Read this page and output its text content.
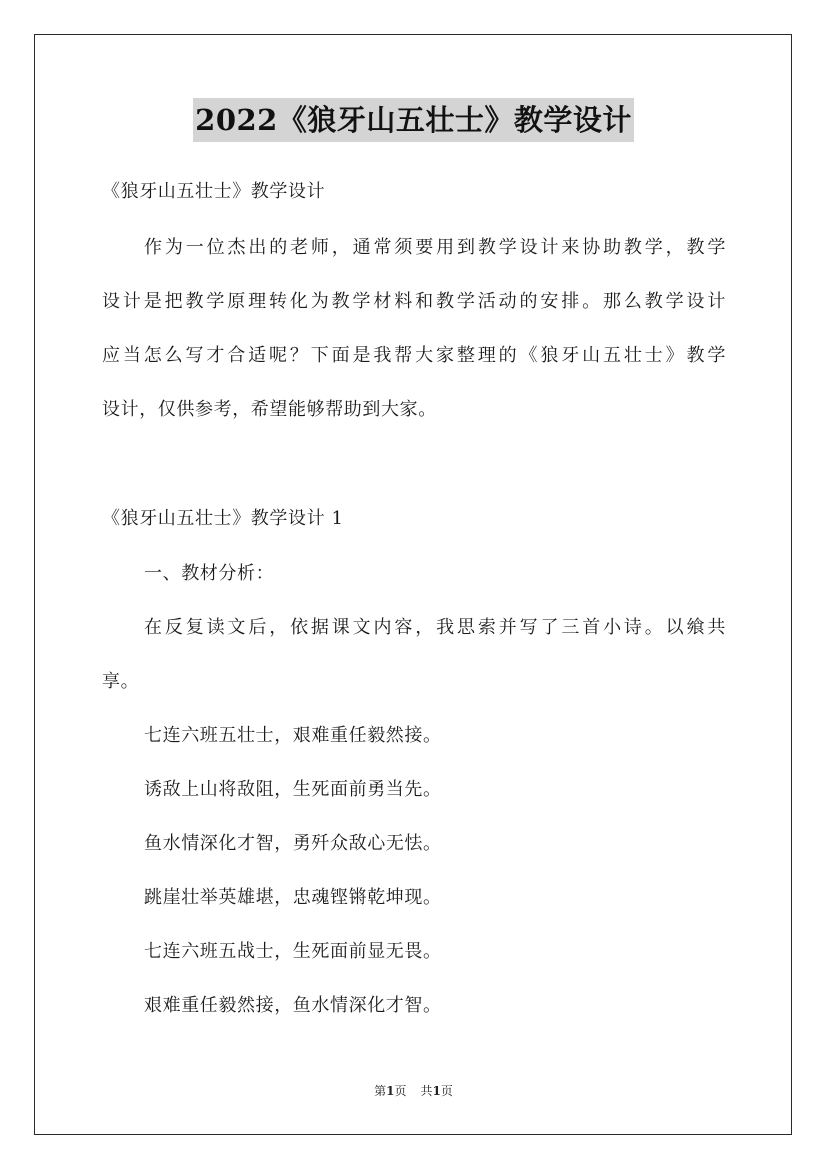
2022《狼牙山五壮士》教学设计
《狼牙山五壮士》教学设计
作为一位杰出的老师，通常须要用到教学设计来协助教学，教学
设计是把教学原理转化为教学材料和教学活动的安排。那么教学设计
应当怎么写才合适呢？下面是我帮大家整理的《狼牙山五壮士》教学
设计，仅供参考，希望能够帮助到大家。
《狼牙山五壮士》教学设计 1
一、教材分析：
在反复读文后，依据课文内容，我思索并写了三首小诗。以飨共
享。
七连六班五壮士，艰难重任毅然接。
诱敌上山将敌阻，生死面前勇当先。
鱼水情深化才智，勇歼众敌心无怯。
跳崖壮举英雄堪，忠魂铿锵乾坤现。
七连六班五战士，生死面前显无畏。
艰难重任毅然接，鱼水情深化才智。
第1页 共1页
